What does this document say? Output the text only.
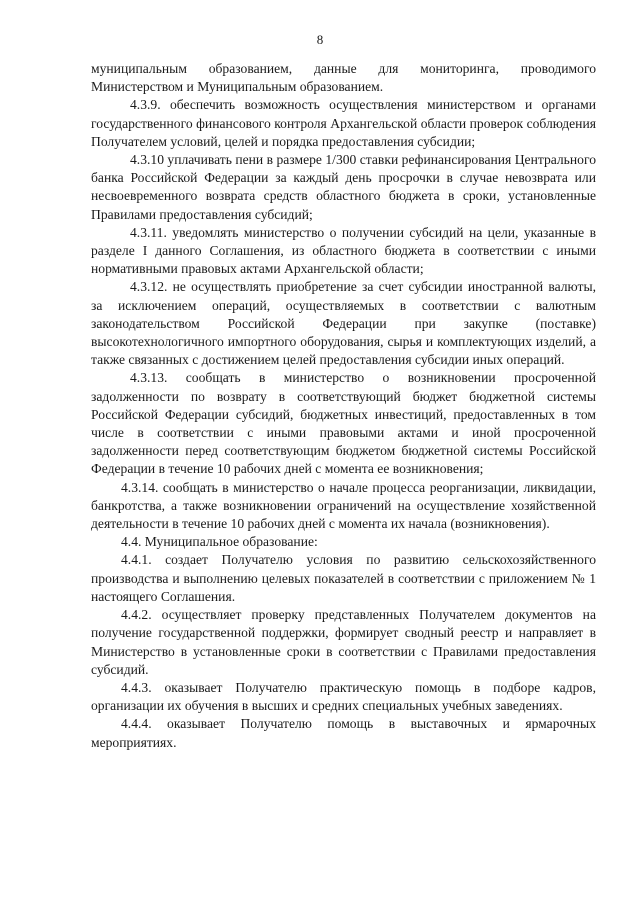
8

муниципальным образованием, данные для мониторинга, проводимого Министерством и Муниципальным образованием.

4.3.9. обеспечить возможность осуществления министерством и органами государственного финансового контроля Архангельской области проверок соблюдения Получателем условий, целей и порядка предоставления субсидии;

4.3.10 уплачивать пени в размере 1/300 ставки рефинансирования Центрального банка Российской Федерации за каждый день просрочки в случае невозврата или несвоевременного возврата средств областного бюджета в сроки, установленные Правилами предоставления субсидий;

4.3.11. уведомлять министерство о получении субсидий на цели, указанные в разделе I данного Соглашения, из областного бюджета в соответствии с иными нормативными правовых актами Архангельской области;

4.3.12. не осуществлять приобретение за счет субсидии иностранной валюты, за исключением операций, осуществляемых в соответствии с валютным законодательством Российской Федерации при закупке (поставке) высокотехнологичного импортного оборудования, сырья и комплектующих изделий, а также связанных с достижением целей предоставления субсидии иных операций.

4.3.13. сообщать в министерство о возникновении просроченной задолженности по возврату в соответствующий бюджет бюджетной системы Российской Федерации субсидий, бюджетных инвестиций, предоставленных в том числе в соответствии с иными правовыми актами и иной просроченной задолженности перед соответствующим бюджетом бюджетной системы Российской Федерации в течение 10 рабочих дней с момента ее возникновения;

4.3.14. сообщать в министерство о начале процесса реорганизации, ликвидации, банкротства, а также возникновении ограничений на осуществление хозяйственной деятельности в течение 10 рабочих дней с момента их начала (возникновения).

4.4. Муниципальное образование:

4.4.1. создает Получателю условия по развитию сельскохозяйственного производства и выполнению целевых показателей в соответствии с приложением № 1 настоящего Соглашения.

4.4.2. осуществляет проверку представленных Получателем документов на получение государственной поддержки, формирует сводный реестр и направляет в Министерство в установленные сроки в соответствии с Правилами предоставления субсидий.

4.4.3. оказывает Получателю практическую помощь в подборе кадров, организации их обучения в высших и средних специальных учебных заведениях.

4.4.4. оказывает Получателю помощь в выставочных и ярмарочных мероприятиях.
